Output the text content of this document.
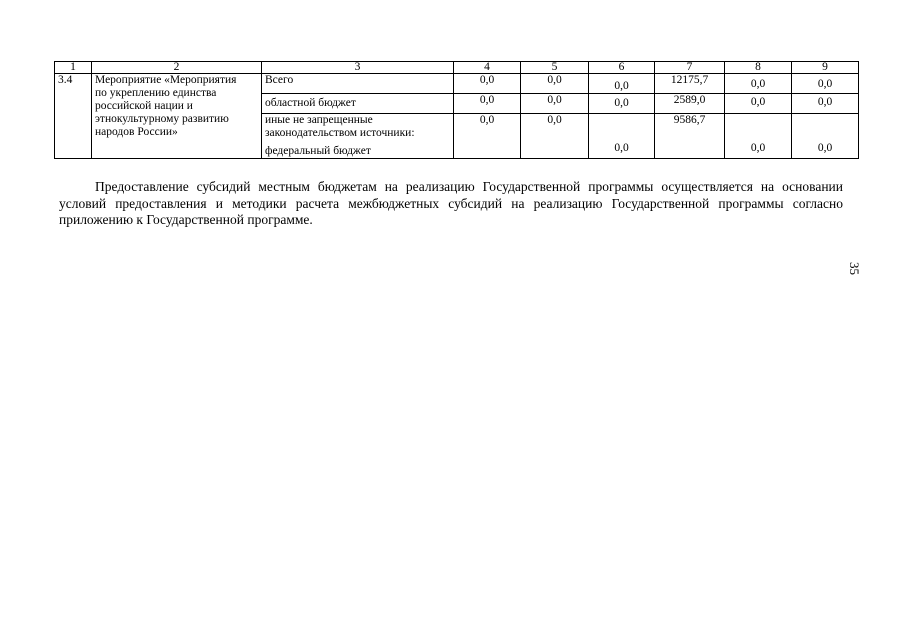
1	2	3	4	5	6	7	8	9
3.4	Мероприятие «Мероприятия
по укреплению единства
российской нации и
этнокультурному развитию
народов России»	Всего	0,0	0,0	0,0	12175,7	0,0	0,0
		областной бюджет	0,0	0,0	0,0	2589,0	0,0	0,0

		иные не запрещенные
законодательством источники:
федеральный бюджет	0,0	0,0	0,0	9586,7	0,0	0,0

Предоставление субсидий местным бюджетам на реализацию Государственной программы осуществляется на основании условий предоставления и методики расчета межбюджетных субсидий на реализацию Государственной программы согласно приложению к Государственной программе.

35
